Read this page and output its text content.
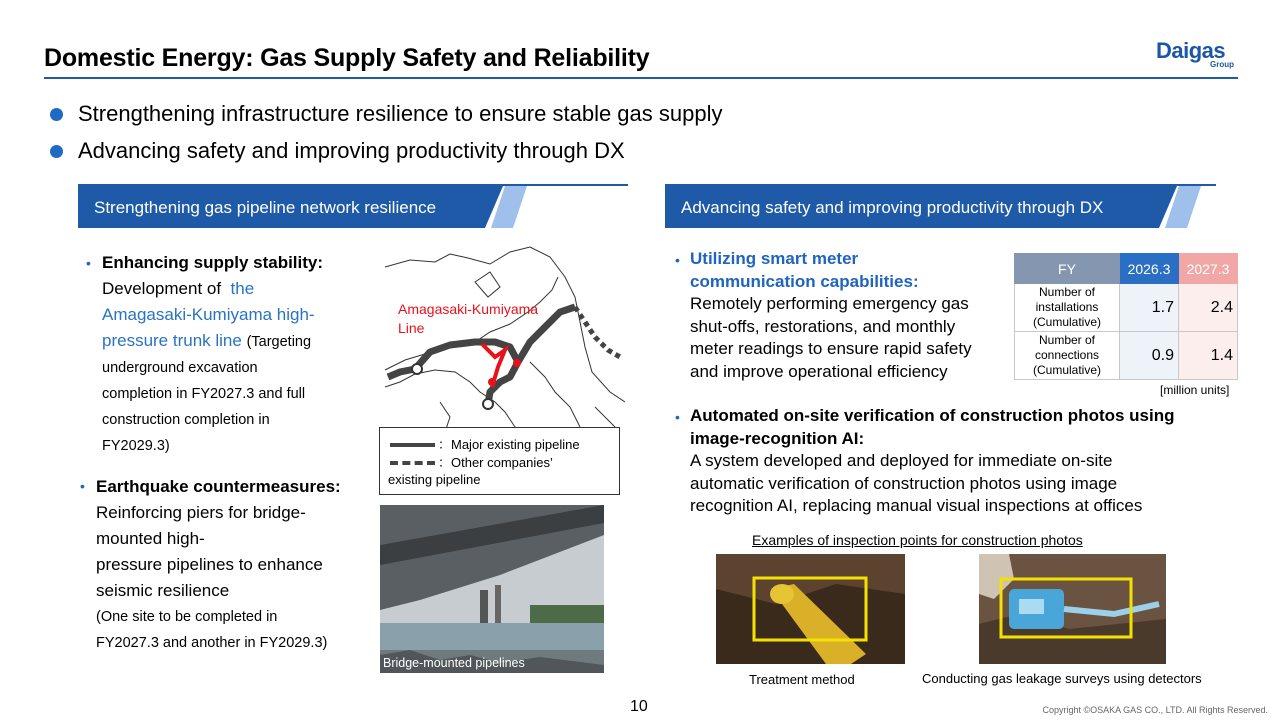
Domestic Energy: Gas Supply Safety and Reliability	Daigas
Group
Strengthening infrastructure resilience to ensure stable gas supply
Advancing safety and improving productivity through DX
Strengthening gas pipeline network resilience	Advancing safety and improving productivity through DX
• Enhancing supply stability:
Development of the
Amagasaki-Kumiyama high-
pressure trunk line (Targeting
underground excavation
completion in FY2027.3 and full
construction completion in
FY2029.3)
• Earthquake countermeasures:
Reinforcing piers for bridge-
mounted high-
pressure pipelines to enhance
seismic resilience
(One site to be completed in
FY2027.3 and another in FY2029.3)
Amagasaki-Kumiyama
Line
：Major existing pipeline
：Other companies’
existing pipeline
Bridge-mounted pipelines
• Utilizing smart meter
communication capabilities:
Remotely performing emergency gas
shut-offs, restorations, and monthly
meter readings to ensure rapid safety
and improve operational efficiency
FY	2026.3	2027.3

Number of
installations
(Cumulative)	1.7	2.4

Number of
connections
(Cumulative)	0.9	1.4
[million units]
• Automated on-site verification of construction photos using
image-recognition AI:
A system developed and deployed for immediate on-site
automatic verification of construction photos using image
recognition AI, replacing manual visual inspections at offices
Examples of inspection points for construction photos
Treatment method	Conducting gas leakage surveys using detectors
10	Copyright ©OSAKA GAS CO., LTD. All Rights Reserved.
